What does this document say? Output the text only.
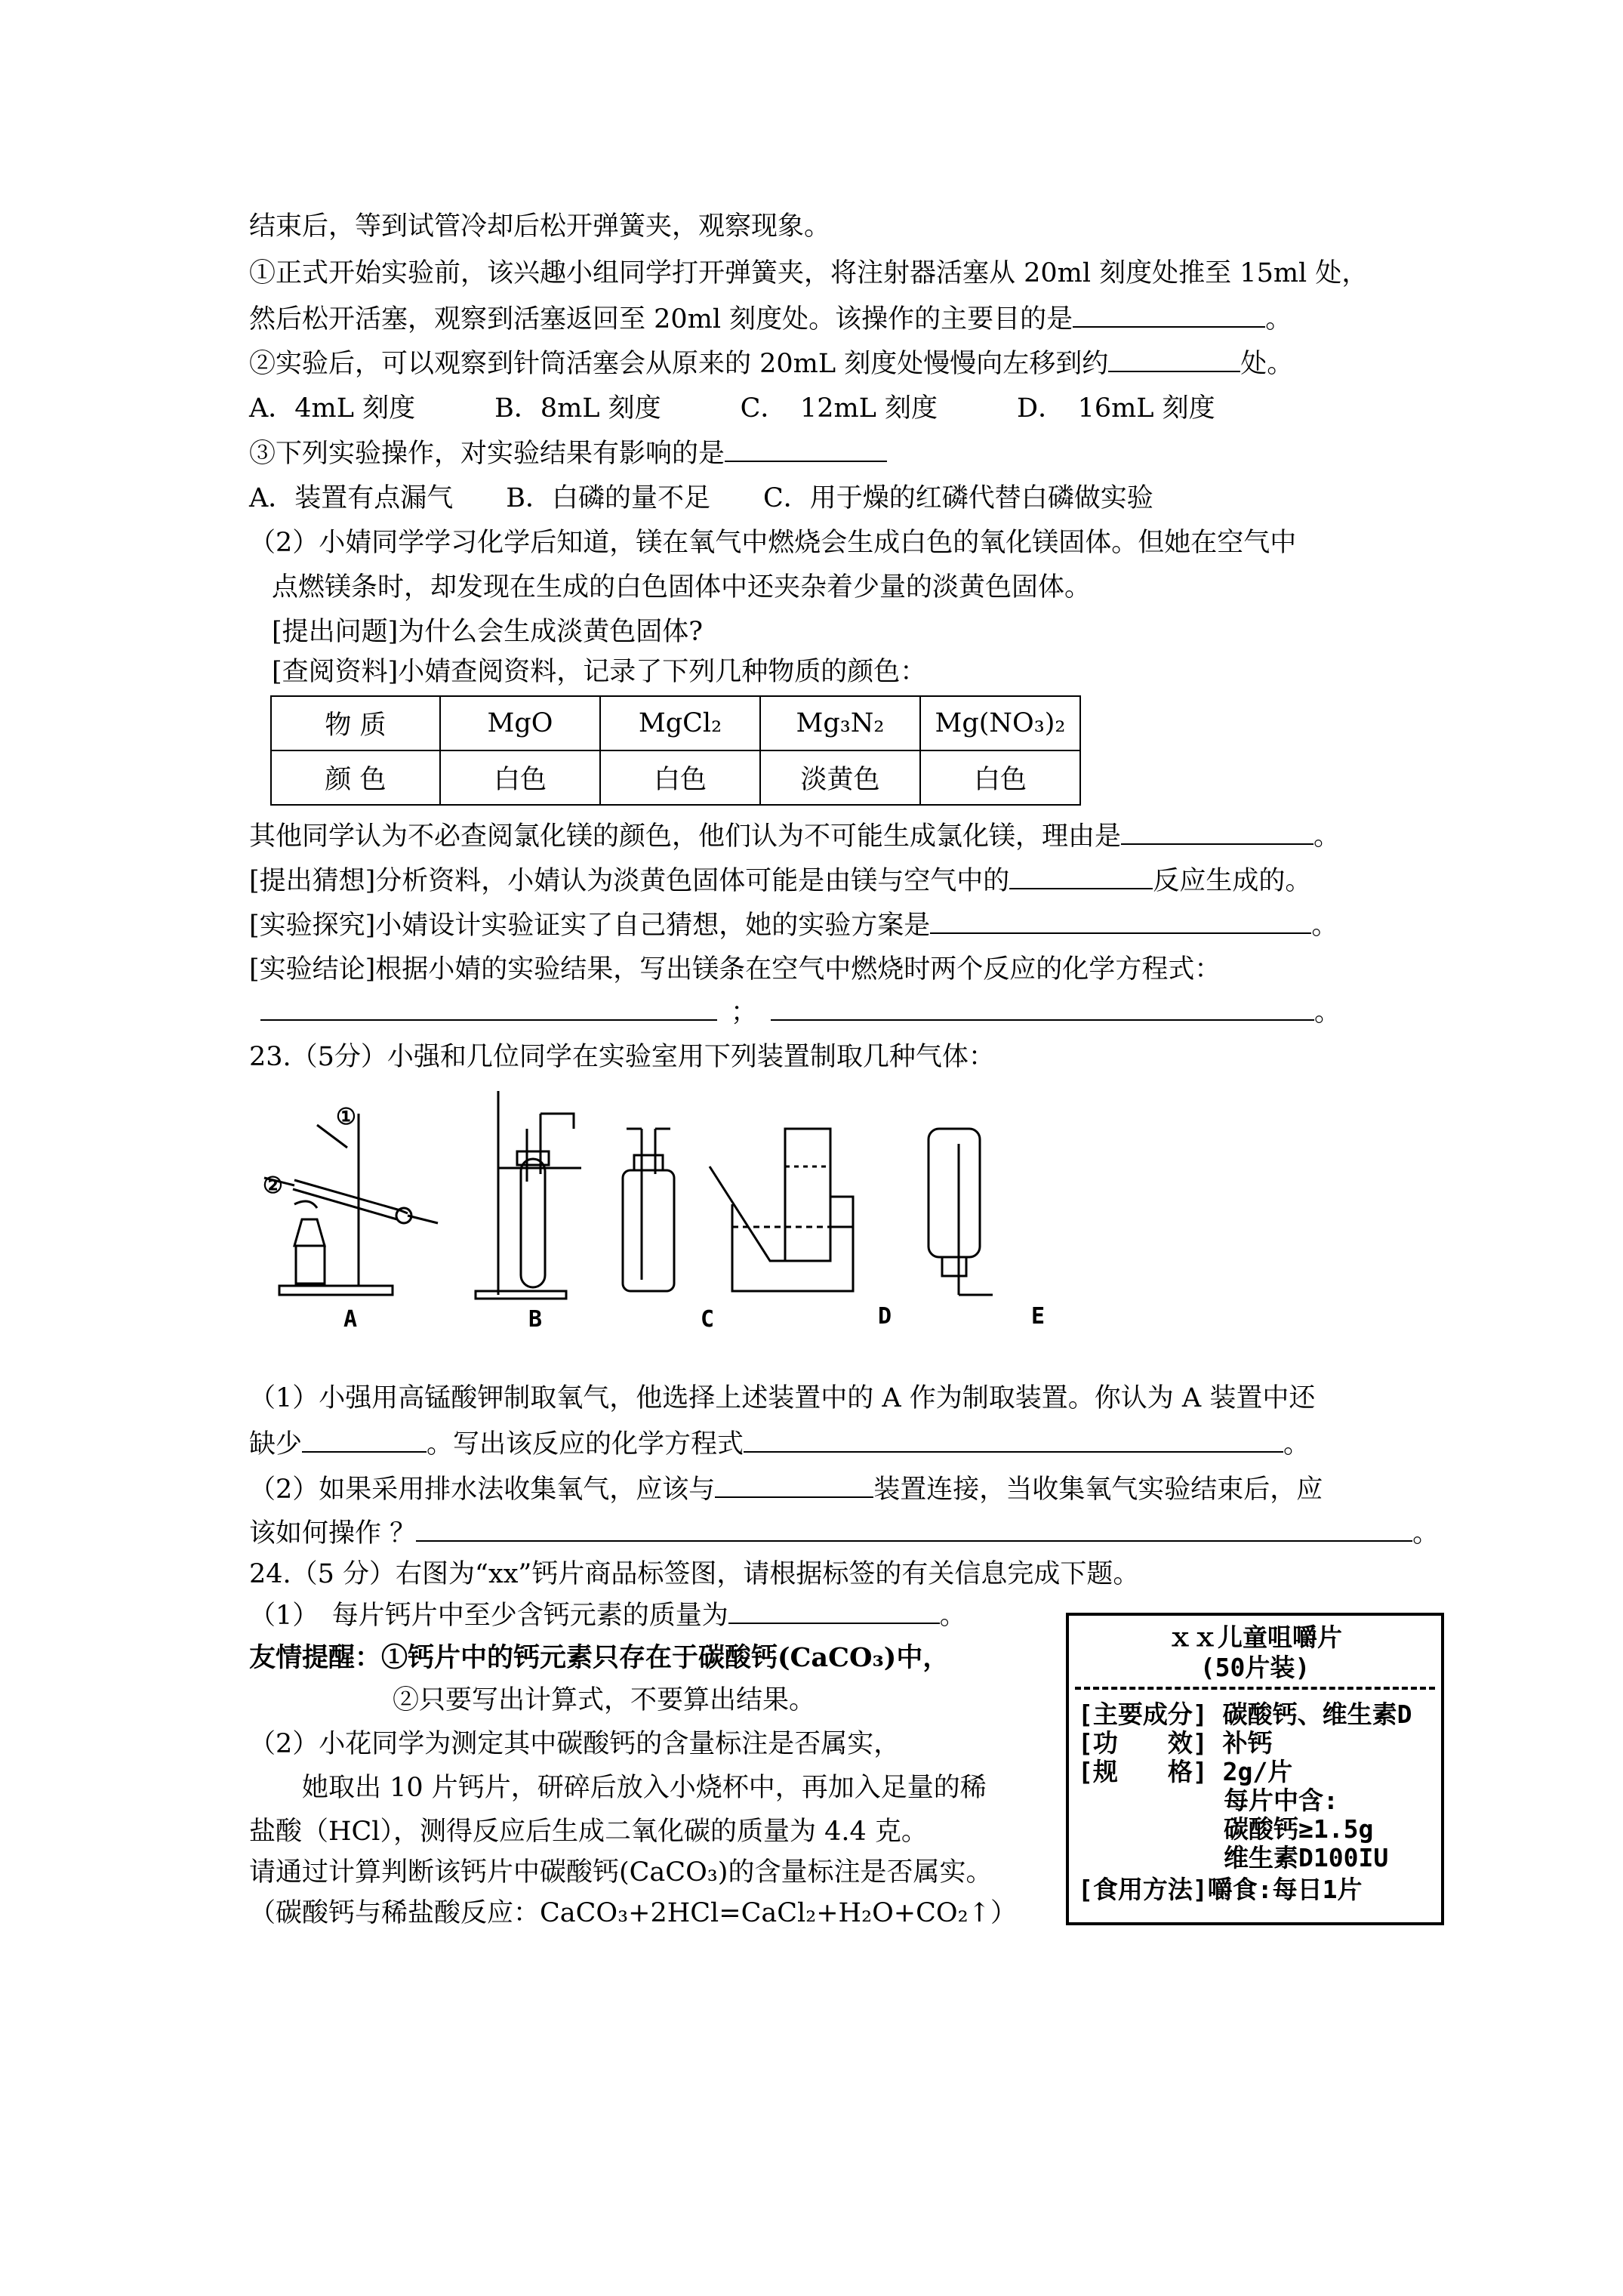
结束后，等到试管冷却后松开弹簧夹，观察现象。
①正式开始实验前，该兴趣小组同学打开弹簧夹，将注射器活塞从 20ml 刻度处推至 15ml 处，
然后松开活塞，观察到活塞返回至 20ml 刻度处。该操作的主要目的是	。
②实验后，可以观察到针筒活塞会从原来的 20mL 刻度处慢慢向左移到约	处。
A．4mL 刻度　　　B．8mL 刻度　　　C．　12mL 刻度　　　D．　16mL 刻度
③下列实验操作，对实验结果有影响的是
A．装置有点漏气　　B．白磷的量不足　　C．用于燥的红磷代替白磷做实验
（2）小婧同学学习化学后知道，镁在氧气中燃烧会生成白色的氧化镁固体。但她在空气中
点燃镁条时，却发现在生成的白色固体中还夹杂着少量的淡黄色固体。
[提出问题]为什么会生成淡黄色固体?
[查阅资料]小婧查阅资料，记录了下列几种物质的颜色：
物 质	MgO	MgCl₂	Mg₃N₂	Mg(NO₃)₂
颜 色	白色	白色	淡黄色	白色
其他同学认为不必查阅氯化镁的颜色，他们认为不可能生成氯化镁，理由是	。
[提出猜想]分析资料，小婧认为淡黄色固体可能是由镁与空气中的	反应生成的。
[实验探究]小婧设计实验证实了自己猜想，她的实验方案是	。
[实验结论]根据小婧的实验结果，写出镁条在空气中燃烧时两个反应的化学方程式：
；	。
23.（5分）小强和几位同学在实验室用下列装置制取几种气体：
①
②
A	B	C	D	E
（1）小强用高锰酸钾制取氧气，他选择上述装置中的 A 作为制取装置。你认为 A 装置中还
缺少	。写出该反应的化学方程式	。
（2）如果采用排水法收集氧气，应该与	装置连接，当收集氧气实验结束后，应
该如何操作 ？	。
24.（5 分）右图为“xx”钙片商品标签图，请根据标签的有关信息完成下题。
（1）　每片钙片中至少含钙元素的质量为	。
友情提醒：①钙片中的钙元素只存在于碳酸钙(CaCO₃)中，
②只要写出计算式，不要算出结果。
（2）小花同学为测定其中碳酸钙的含量标注是否属实，
她取出 10 片钙片，研碎后放入小烧杯中，再加入足量的稀
盐酸（HCl），测得反应后生成二氧化碳的质量为 4.4 克。
请通过计算判断该钙片中碳酸钙(CaCO₃)的含量标注是否属实。
（碳酸钙与稀盐酸反应：CaCO₃+2HCl=CaCl₂+H₂O+CO₂↑）
ｘｘ儿童咀嚼片
(50片装)
[主要成分] 碳酸钙、维生素D
[功　　效] 补钙
[规　　格] 2g/片
每片中含:
碳酸钙≥1.5g
维生素D100IU
[食用方法]嚼食:每日1片
